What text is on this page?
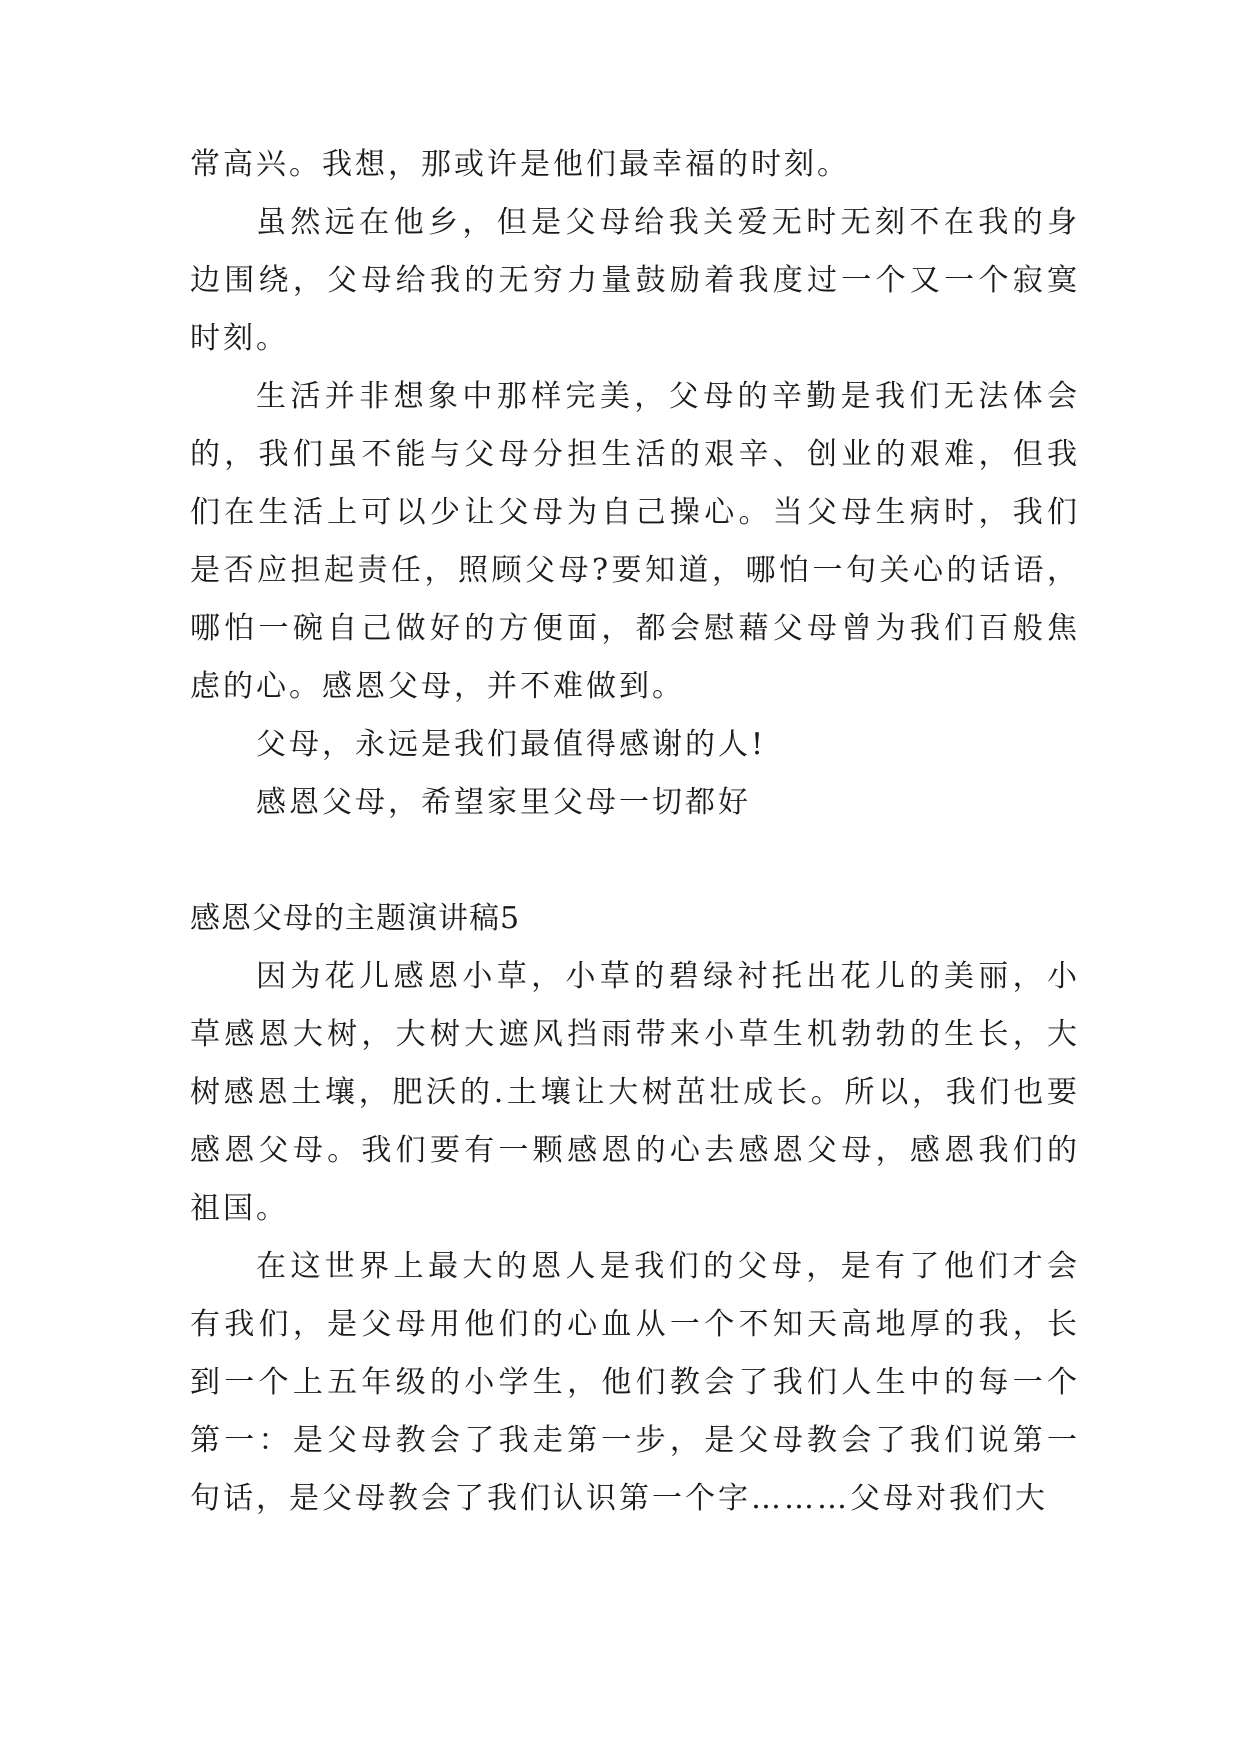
常高兴。我想，那或许是他们最幸福的时刻。

虽然远在他乡，但是父母给我关爱无时无刻不在我的身边围绕，父母给我的无穷力量鼓励着我度过一个又一个寂寞时刻。

生活并非想象中那样完美，父母的辛勤是我们无法体会的，我们虽不能与父母分担生活的艰辛、创业的艰难，但我们在生活上可以少让父母为自己操心。当父母生病时，我们是否应担起责任，照顾父母?要知道，哪怕一句关心的话语，哪怕一碗自己做好的方便面，都会慰藉父母曾为我们百般焦虑的心。感恩父母，并不难做到。

父母，永远是我们最值得感谢的人!

感恩父母，希望家里父母一切都好

感恩父母的主题演讲稿5

因为花儿感恩小草，小草的碧绿衬托出花儿的美丽，小草感恩大树，大树大遮风挡雨带来小草生机勃勃的生长，大树感恩土壤，肥沃的.土壤让大树茁壮成长。所以，我们也要感恩父母。我们要有一颗感恩的心去感恩父母，感恩我们的祖国。

在这世界上最大的恩人是我们的父母，是有了他们才会有我们，是父母用他们的心血从一个不知天高地厚的我，长到一个上五年级的小学生，他们教会了我们人生中的每一个第一：是父母教会了我走第一步，是父母教会了我们说第一句话，是父母教会了我们认识第一个字………父母对我们大
